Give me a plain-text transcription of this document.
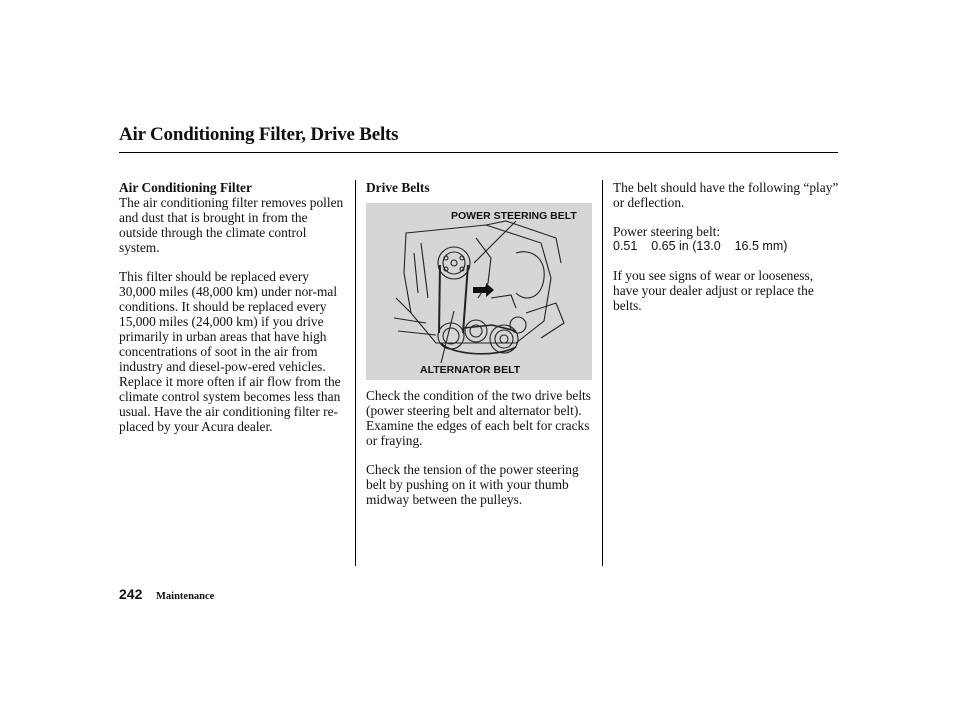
Air Conditioning Filter, Drive Belts
Air Conditioning Filter

The air conditioning filter removes pollen and dust that is brought in from the outside through the climate control system.

This filter should be replaced every 30,000 miles (48,000 km) under nor-mal conditions. It should be replaced every 15,000 miles (24,000 km) if you drive primarily in urban areas that have high concentrations of soot in the air from industry and diesel-pow-ered vehicles. Replace it more often if air flow from the climate control system becomes less than usual. Have the air conditioning filter re-placed by your Acura dealer.

Drive Belts
POWER STEERING BELT
ALTERNATOR BELT

Check the condition of the two drive belts (power steering belt and alternator belt). Examine the edges of each belt for cracks or fraying.

Check the tension of the power steering belt by pushing on it with your thumb midway between the pulleys.

The belt should have the following “play” or deflection.

Power steering belt:
0.51    0.65 in (13.0    16.5 mm)

If you see signs of wear or looseness, have your dealer adjust or replace the belts.

242 Maintenance
